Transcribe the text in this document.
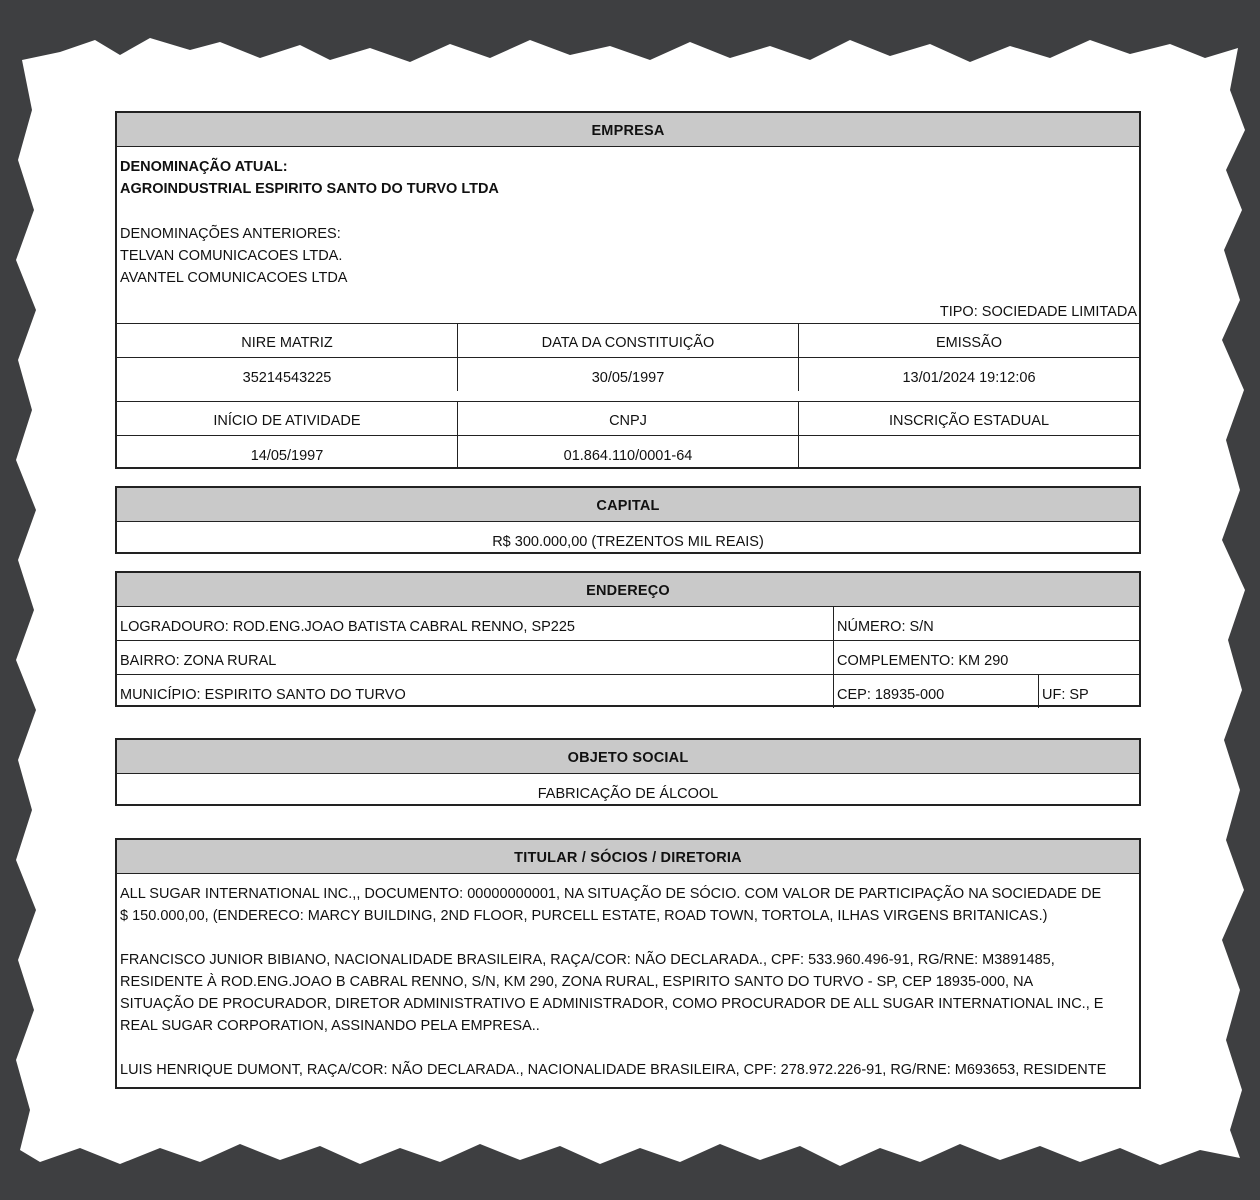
EMPRESA
DENOMINAÇÃO ATUAL:
AGROINDUSTRIAL ESPIRITO SANTO DO TURVO LTDA
DENOMINAÇÕES ANTERIORES:
TELVAN COMUNICACOES LTDA.
AVANTEL COMUNICACOES LTDA
TIPO: SOCIEDADE LIMITADA
NIRE MATRIZ	DATA DA CONSTITUIÇÃO	EMISSÃO
35214543225	30/05/1997	13/01/2024 19:12:06
INÍCIO DE ATIVIDADE	CNPJ	INSCRIÇÃO ESTADUAL
14/05/1997	01.864.110/0001-64
CAPITAL
R$ 300.000,00 (TREZENTOS MIL REAIS)
ENDEREÇO
LOGRADOURO: ROD.ENG.JOAO BATISTA CABRAL RENNO, SP225	NÚMERO: S/N
BAIRRO: ZONA RURAL	COMPLEMENTO: KM 290
MUNICÍPIO: ESPIRITO SANTO DO TURVO	CEP: 18935-000	UF: SP
OBJETO SOCIAL
FABRICAÇÃO DE ÁLCOOL
TITULAR / SÓCIOS / DIRETORIA
ALL SUGAR INTERNATIONAL INC.,, DOCUMENTO: 00000000001, NA SITUAÇÃO DE SÓCIO. COM VALOR DE PARTICIPAÇÃO NA SOCIEDADE DE
$ 150.000,00, (ENDERECO: MARCY BUILDING, 2ND FLOOR, PURCELL ESTATE, ROAD TOWN, TORTOLA, ILHAS VIRGENS BRITANICAS.)
FRANCISCO JUNIOR BIBIANO, NACIONALIDADE BRASILEIRA, RAÇA/COR: NÃO DECLARADA., CPF: 533.960.496-91, RG/RNE: M3891485,
RESIDENTE À ROD.ENG.JOAO B CABRAL RENNO, S/N, KM 290, ZONA RURAL, ESPIRITO SANTO DO TURVO - SP, CEP 18935-000, NA
SITUAÇÃO DE PROCURADOR, DIRETOR ADMINISTRATIVO E ADMINISTRADOR, COMO PROCURADOR DE ALL SUGAR INTERNATIONAL INC., E
REAL SUGAR CORPORATION, ASSINANDO PELA EMPRESA..
LUIS HENRIQUE DUMONT, RAÇA/COR: NÃO DECLARADA., NACIONALIDADE BRASILEIRA, CPF: 278.972.226-91, RG/RNE: M693653, RESIDENTE
